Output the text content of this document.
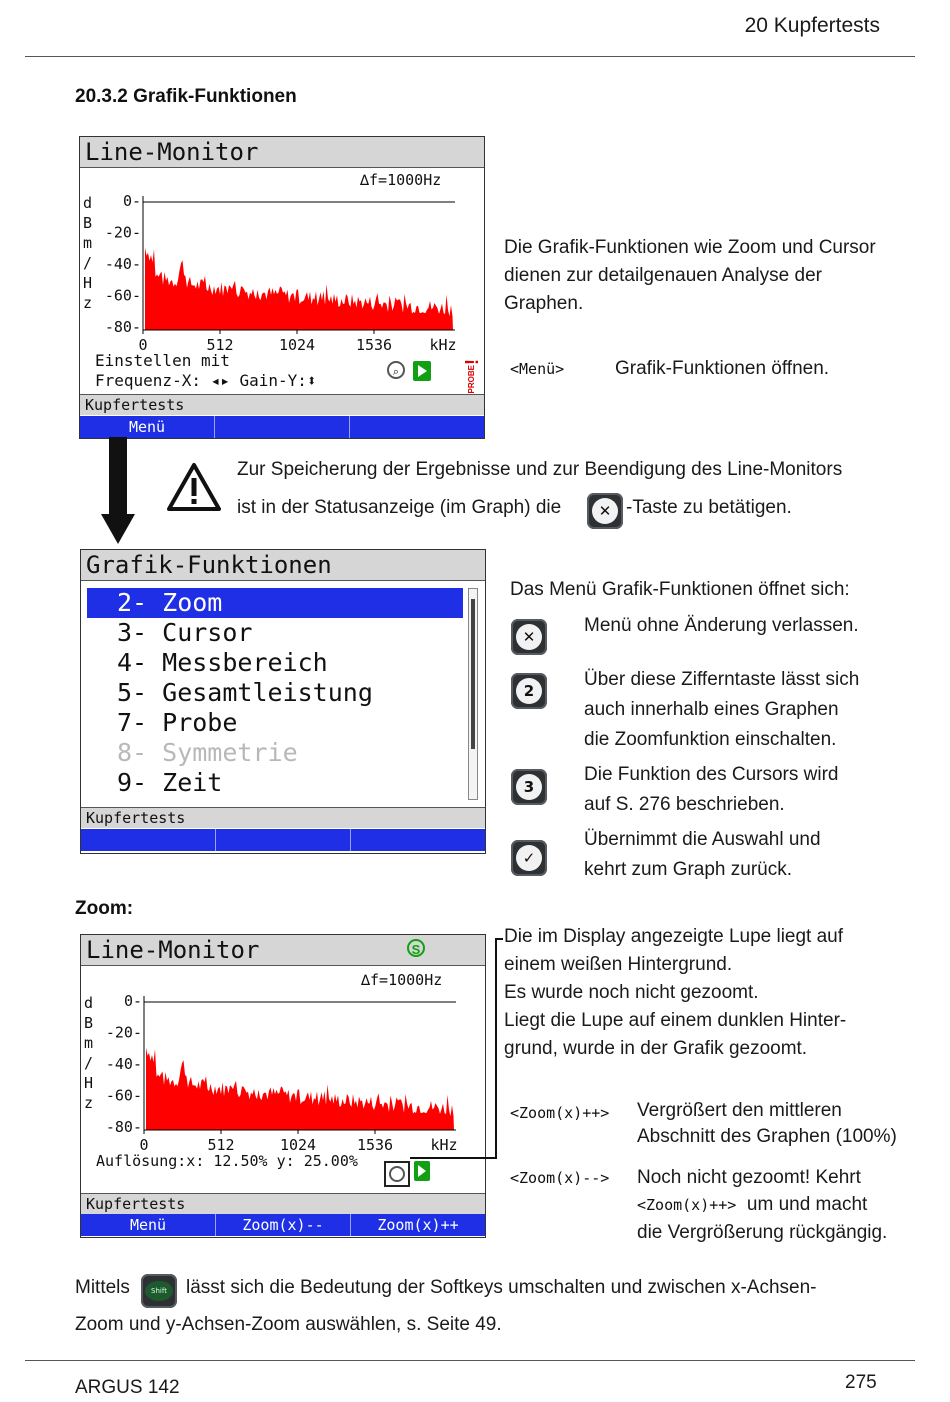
20 Kupfertests
20.3.2 Grafik-Funktionen
Line-Monitor
∆f=1000Hz
d
B
m
/
H
z
0-
-20-
-40-
-60-
-80-
0	512	1024	1536 kHz
Einstellen mit
Frequenz-X: ◂▸ Gain-Y:⬍	⌕	PROBE!
Kupfertests
Menü
Die Grafik-Funktionen wie Zoom und Cursor dienen zur detailgenauen Analyse der Graphen.
<Menü>	Grafik-Funktionen öffnen.
Zur Speicherung der Ergebnisse und zur Beendigung des Line-Monitors
ist in der Statusanzeige (im Graph) die	✕ -Taste zu betätigen.
Grafik-Funktionen
2- Zoom
3- Cursor
4- Messbereich
5- Gesamtleistung
7- Probe
8- Symmetrie
9- Zeit
Kupfertests
Das Menü Grafik-Funktionen öffnet sich:
✕
Menü ohne Änderung verlassen.
2
Über diese Zifferntaste lässt sich
auch innerhalb eines Graphen
die Zoomfunktion einschalten.
3
Die Funktion des Cursors wird
auf S. 276 beschrieben.
✓
Übernimmt die Auswahl und
kehrt zum Graph zurück.
Zoom:
Line-Monitor	S
∆f=1000Hz
d
B
m
/
H
z
0-
-20-
-40-
-60-
-80-
0	512	1024	1536 kHz
Auflösung:x: 12.50% y: 25.00%
Kupfertests
Menü	Zoom(x)--	Zoom(x)++
Die im Display angezeigte Lupe liegt auf
einem weißen Hintergrund.
Es wurde noch nicht gezoomt.
Liegt die Lupe auf einem dunklen Hinter-
grund, wurde in der Grafik gezoomt.
<Zoom(x)++> Vergrößert den mittleren
Abschnitt des Graphen (100%)
<Zoom(x)--> Noch nicht gezoomt! Kehrt
<Zoom(x)++> um und macht
die Vergrößerung rückgängig.
Mittels	Shift	lässt sich die Bedeutung der Softkeys umschalten und zwischen x-Achsen-
Zoom und y-Achsen-Zoom auswählen, s. Seite 49.
ARGUS 142	275
